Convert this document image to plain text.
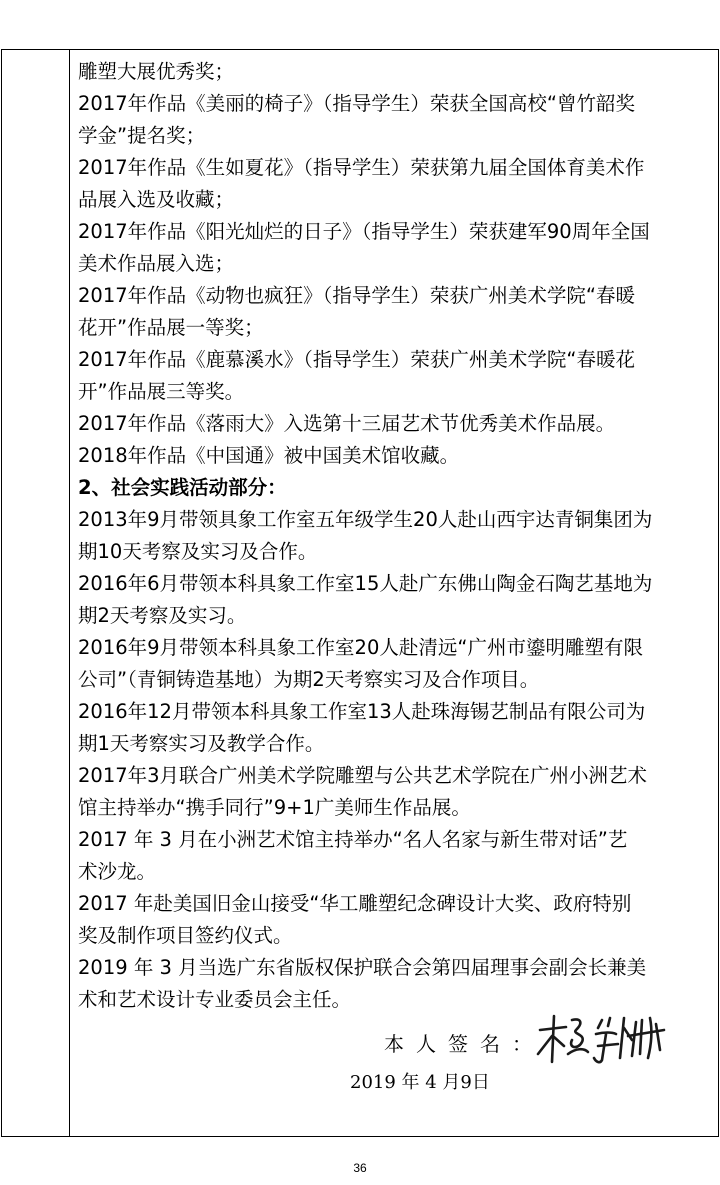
雕塑大展优秀奖；
2017年作品《美丽的椅子》（指导学生）荣获全国高校“曾竹韶奖
学金”提名奖；
2017年作品《生如夏花》（指导学生）荣获第九届全国体育美术作
品展入选及收藏；
2017年作品《阳光灿烂的日子》（指导学生）荣获建军90周年全国
美术作品展入选；
2017年作品《动物也疯狂》（指导学生）荣获广州美术学院“春暖
花开”作品展一等奖；
2017年作品《鹿慕溪水》（指导学生）荣获广州美术学院“春暖花
开”作品展三等奖。
2017年作品《落雨大》入选第十三届艺术节优秀美术作品展。
2018年作品《中国通》被中国美术馆收藏。
2、社会实践活动部分：
2013年9月带领具象工作室五年级学生20人赴山西宇达青铜集团为
期10天考察及实习及合作。
2016年6月带领本科具象工作室15人赴广东佛山陶金石陶艺基地为
期2天考察及实习。
2016年9月带领本科具象工作室20人赴清远“广州市鎏明雕塑有限
公司”（青铜铸造基地）为期2天考察实习及合作项目。
2016年12月带领本科具象工作室13人赴珠海锡艺制品有限公司为
期1天考察实习及教学合作。
2017年3月联合广州美术学院雕塑与公共艺术学院在广州小洲艺术
馆主持举办“携手同行”9+1广美师生作品展。
2017 年 3 月在小洲艺术馆主持举办“名人名家与新生带对话”艺
术沙龙。
2017 年赴美国旧金山接受“华工雕塑纪念碑设计大奖、政府特别
奖及制作项目签约仪式。
2019 年 3 月当选广东省版权保护联合会第四届理事会副会长兼美
术和艺术设计专业委员会主任。
本人签名：
2019 年 4 月9日
36
